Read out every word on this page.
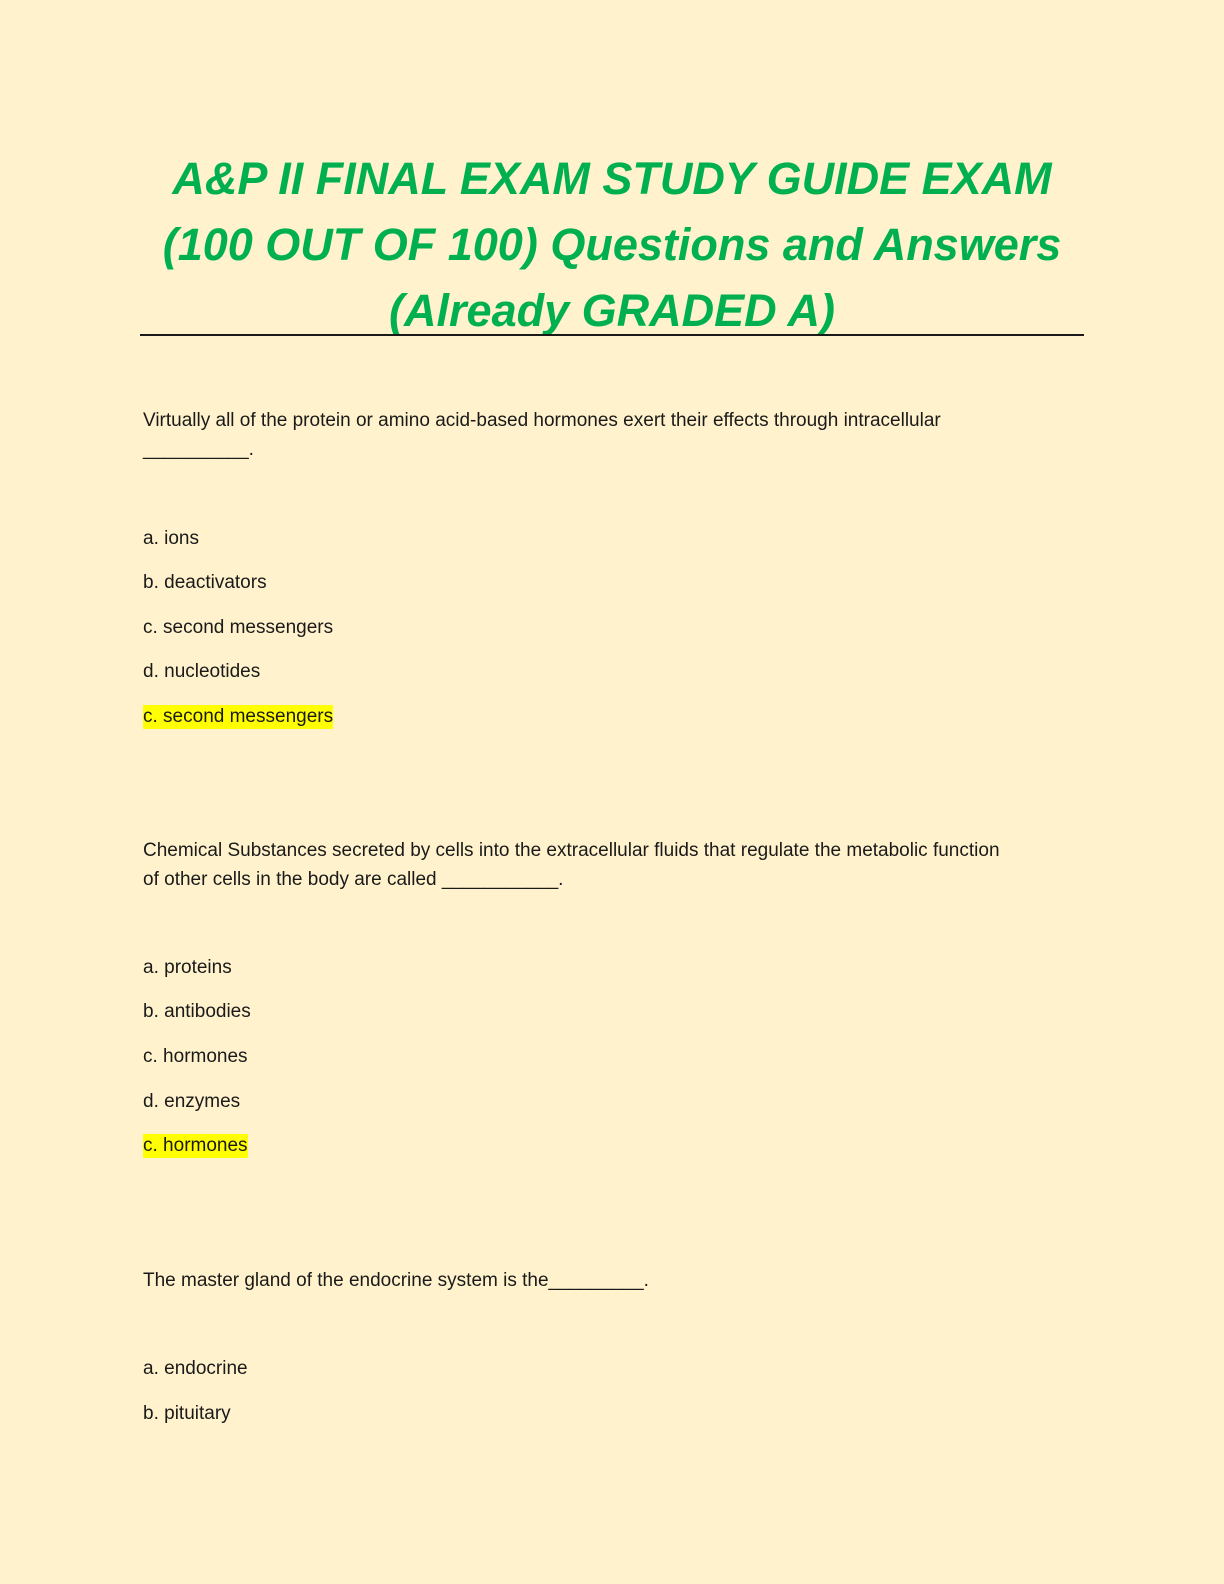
A&P II FINAL EXAM STUDY GUIDE EXAM
(100 OUT OF 100) Questions and Answers
(Already GRADED A)
Virtually all of the protein or amino acid-based hormones exert their effects through intracellular
__________.
a. ions
b. deactivators
c. second messengers
d. nucleotides
c. second messengers
Chemical Substances secreted by cells into the extracellular fluids that regulate the metabolic function
of other cells in the body are called ___________.
a. proteins
b. antibodies
c. hormones
d. enzymes
c. hormones
The master gland of the endocrine system is the_________.
a. endocrine
b. pituitary
